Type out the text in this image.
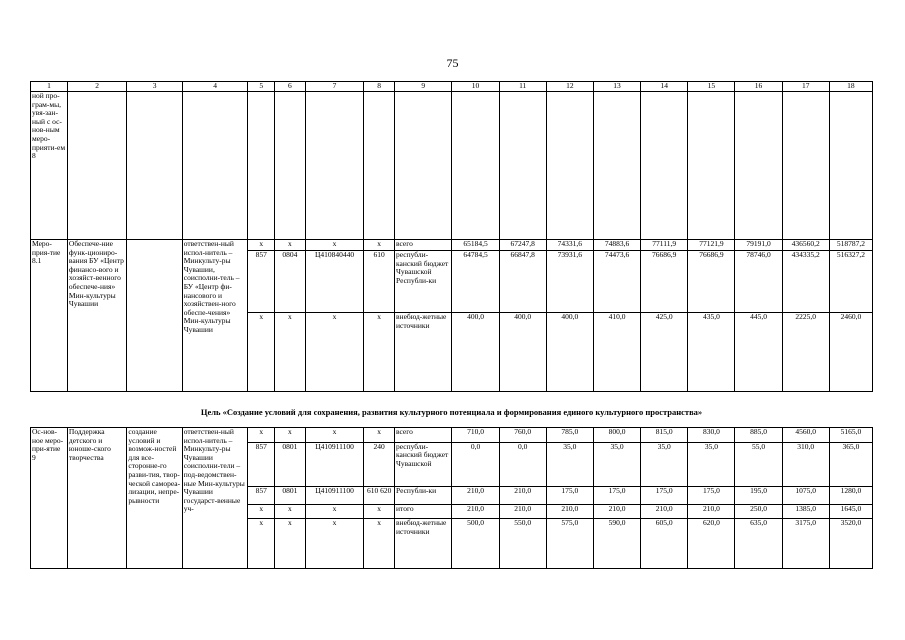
75
1	2	3	4	5	6	7	8	9	10	11	12	13	14	15	16	17	18
ной про-грам-мы, увя-зан-ный с ос-нов-ным меро-прияти-ем 8																	
Меро-прия-тие 8.1	Обеспече-ние функ-ционирo-вания БУ «Центр финансо-вого и хозяйст-венного обеспече-ния» Мин-культуры Чувашии		ответствен-ный испол-нитель – Минкульту-ры Чувашии, соисполни-тель – БУ «Центр фи-нансового и хозяйствен-ного обеспе-чения» Мин-культуры Чувашии	x	x	x	x	всего	65184,5	67247,8	74331,6	74883,6	77111,9	77121,9	79191,0	436560,2	518787,2
				857	0804	Ц410840440	610	республи-канский бюджет Чувашской Республи-ки	64784,5	66847,8	73931,6	74473,6	76686,9	76686,9	78746,0	434335,2	516327,2
				x	x	x	x	внебюд-жетные источники	400,0	400,0	400,0	410,0	425,0	435,0	445,0	2225,0	2460,0
Цель «Создание условий для сохранения, развития культурного потенциала и формирования единого культурного пространства»
Ос-нов-ное меро-при-ятие 9	Поддержка детского и юноше-ского творчества	создание условий и возмож-ностей для все-сторонне-го разви-тия, твор-ческой самореа-лизации, непре-рывности	ответствен-ный испол-нитель – Минкульту-ры Чувашии соисполни-тели – под-ведомствен-ные Мин-культуры Чувашии государст-венные уч-	x	x	x	x	всего	710,0	760,0	785,0	800,0	815,0	830,0	885,0	4560,0	5165,0
				857	0801	Ц410911100	240	республи-канский бюджет Чувашской	0,0	0,0	35,0	35,0	35,0	35,0	55,0	310,0	365,0
				857	0801	Ц410911100	610 620	Республи-ки	210,0	210,0	175,0	175,0	175,0	175,0	195,0	1075,0	1280,0
				x	x	x	x	итого	210,0	210,0	210,0	210,0	210,0	210,0	250,0	1385,0	1645,0
				x	x	x	x	внебюд-жетные источники	500,0	550,0	575,0	590,0	605,0	620,0	635,0	3175,0	3520,0
